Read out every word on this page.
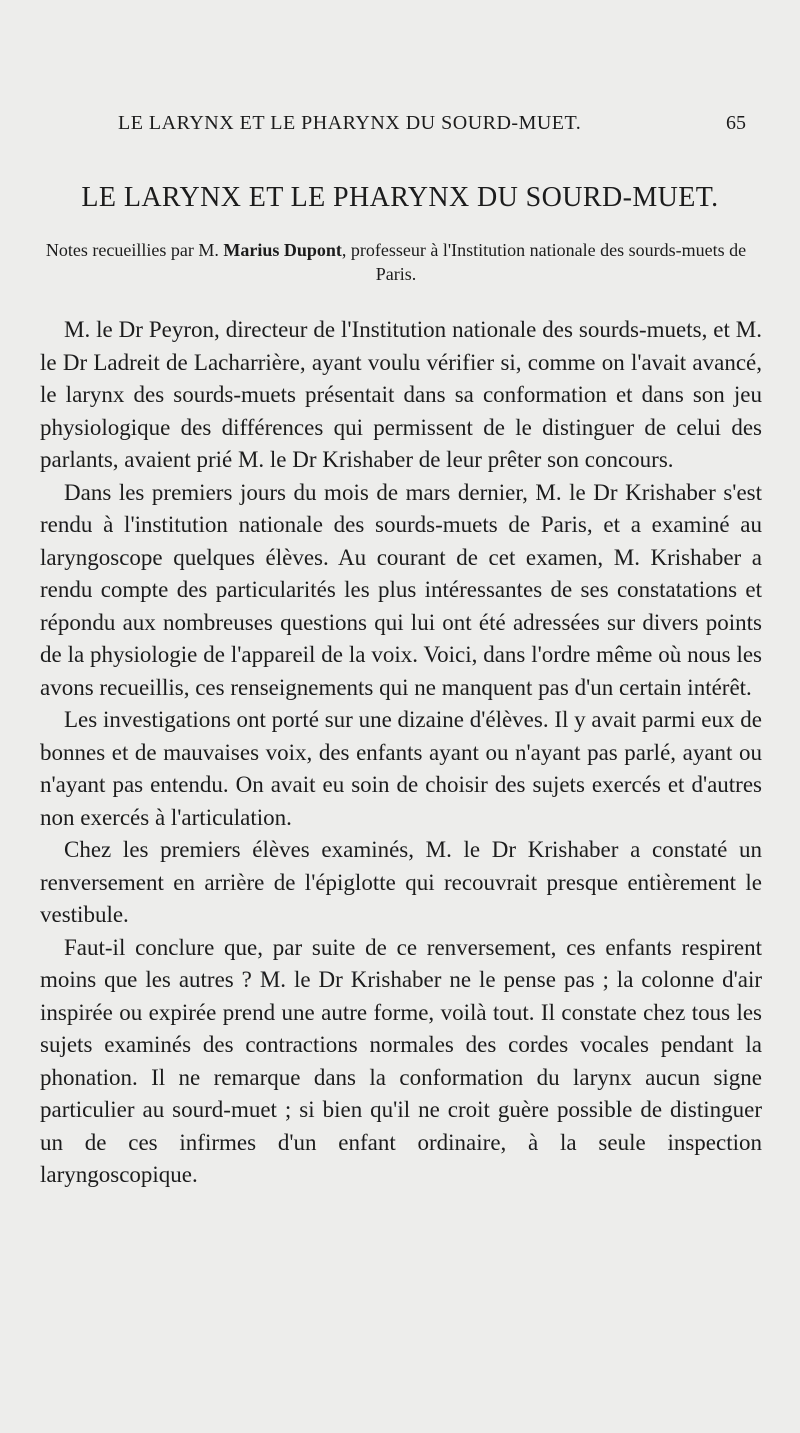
LE LARYNX ET LE PHARYNX DU SOURD-MUET.	65
LE LARYNX ET LE PHARYNX DU SOURD-MUET.
Notes recueillies par M. Marius Dupont, professeur à l'Institution nationale des sourds-muets de Paris.

M. le Dr Peyron, directeur de l'Institution nationale des sourds-muets, et M. le Dr Ladreit de Lacharrière, ayant voulu vérifier si, comme on l'avait avancé, le larynx des sourds-muets présentait dans sa conformation et dans son jeu physiologique des différences qui permissent de le distinguer de celui des parlants, avaient prié M. le Dr Krishaber de leur prêter son concours.

Dans les premiers jours du mois de mars dernier, M. le Dr Krishaber s'est rendu à l'institution nationale des sourds-muets de Paris, et a examiné au laryngoscope quelques élèves. Au courant de cet examen, M. Krishaber a rendu compte des particularités les plus intéressantes de ses constatations et répondu aux nombreuses questions qui lui ont été adressées sur divers points de la physiologie de l'appareil de la voix. Voici, dans l'ordre même où nous les avons recueillis, ces renseignements qui ne manquent pas d'un certain intérêt.

Les investigations ont porté sur une dizaine d'élèves. Il y avait parmi eux de bonnes et de mauvaises voix, des enfants ayant ou n'ayant pas parlé, ayant ou n'ayant pas entendu. On avait eu soin de choisir des sujets exercés et d'autres non exercés à l'articulation.

Chez les premiers élèves examinés, M. le Dr Krishaber a constaté un renversement en arrière de l'épiglotte qui recouvrait presque entièrement le vestibule.

Faut-il conclure que, par suite de ce renversement, ces enfants respirent moins que les autres ? M. le Dr Krishaber ne le pense pas ; la colonne d'air inspirée ou expirée prend une autre forme, voilà tout. Il constate chez tous les sujets examinés des contractions normales des cordes vocales pendant la phonation. Il ne remarque dans la conformation du larynx aucun signe particulier au sourd-muet ; si bien qu'il ne croit guère possible de distinguer un de ces infirmes d'un enfant ordinaire, à la seule inspection laryngoscopique.
